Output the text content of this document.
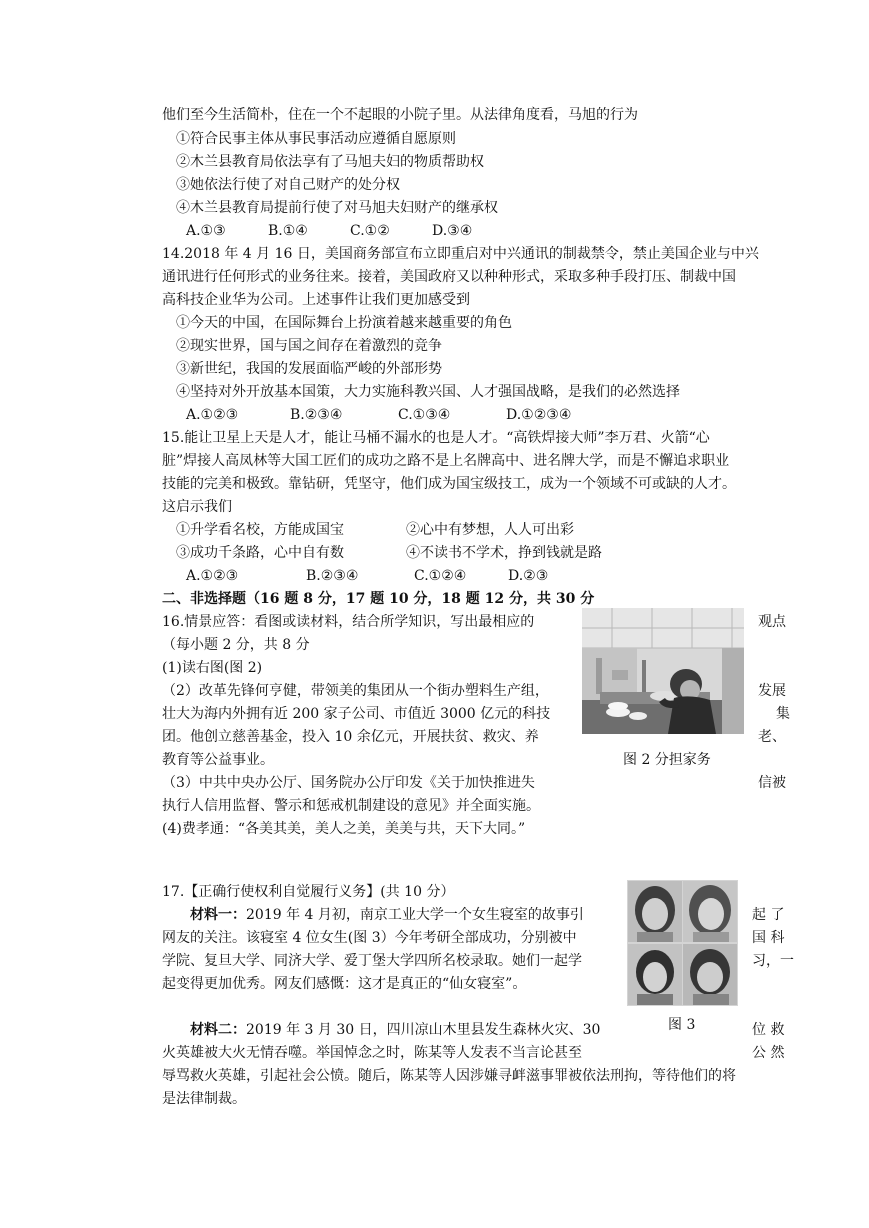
他们至今生活简朴，住在一个不起眼的小院子里。从法律角度看，马旭的行为
①符合民事主体从事民事活动应遵循自愿原则
②木兰县教育局依法享有了马旭夫妇的物质帮助权
③她依法行使了对自己财产的处分权
④木兰县教育局提前行使了对马旭夫妇财产的继承权
A.①③	B.①④	C.①②	D.③④
14.2018 年 4 月 16 日，美国商务部宣布立即重启对中兴通讯的制裁禁令，禁止美国企业与中兴
通讯进行任何形式的业务往来。接着，美国政府又以种种形式，采取多种手段打压、制裁中国
高科技企业华为公司。上述事件让我们更加感受到
①今天的中国，在国际舞台上扮演着越来越重要的角色
②现实世界，国与国之间存在着激烈的竞争
③新世纪，我国的发展面临严峻的外部形势
④坚持对外开放基本国策，大力实施科教兴国、人才强国战略，是我们的必然选择
A.①②③	B.②③④	C.①③④	D.①②③④
15.能让卫星上天是人才，能让马桶不漏水的也是人才。“高铁焊接大师”李万君、火箭“心
脏”焊接人高凤林等大国工匠们的成功之路不是上名牌高中、进名牌大学，而是不懈追求职业
技能的完美和极致。靠钻研，凭坚守，他们成为国宝级技工，成为一个领域不可或缺的人才。
这启示我们
①升学看名校，方能成国宝	②心中有梦想，人人可出彩
③成功千条路，心中自有数	④不读书不学术，挣到钱就是路
A.①②③	B.②③④	C.①②④	D.②③
二、非选择题（16 题 8 分，17 题 10 分，18 题 12 分，共 30 分
16.情景应答：看图或读材料，结合所学知识，写出最相应的	观点
（每小题 2 分，共 8 分
(1)读右图(图 2)
（2）改革先锋何亨健，带领美的集团从一个街办塑料生产组，	发展
壮大为海内外拥有近 200 家子公司、市值近 3000 亿元的科技	集
团。他创立慈善基金，投入 10 余亿元，开展扶贫、救灾、养	老、
教育等公益事业。
（3）中共中央办公厅、国务院办公厅印发《关于加快推进失	信被
执行人信用监督、警示和惩戒机制建设的意见》并全面实施。
(4)费孝通：“各美其美，美人之美，美美与共，天下大同。”
图 2 分担家务
17.【正确行使权利自觉履行义务】(共 10 分）
材料一：2019 年 4 月初，南京工业大学一个女生寝室的故事引	起 了
网友的关注。该寝室 4 位女生(图 3）今年考研全部成功，分别被中	国 科
学院、复旦大学、同济大学、爱丁堡大学四所名校录取。她们一起学	习，一
起变得更加优秀。网友们感慨：这才是真正的“仙女寝室”。
图 3
材料二：2019 年 3 月 30 日，四川凉山木里县发生森林火灾、30	位 救
火英雄被大火无情吞噬。举国悼念之时，陈某等人发表不当言论甚至	公 然
辱骂救火英雄，引起社会公愤。随后，陈某等人因涉嫌寻衅滋事罪被依法刑拘，等待他们的将
是法律制裁。
